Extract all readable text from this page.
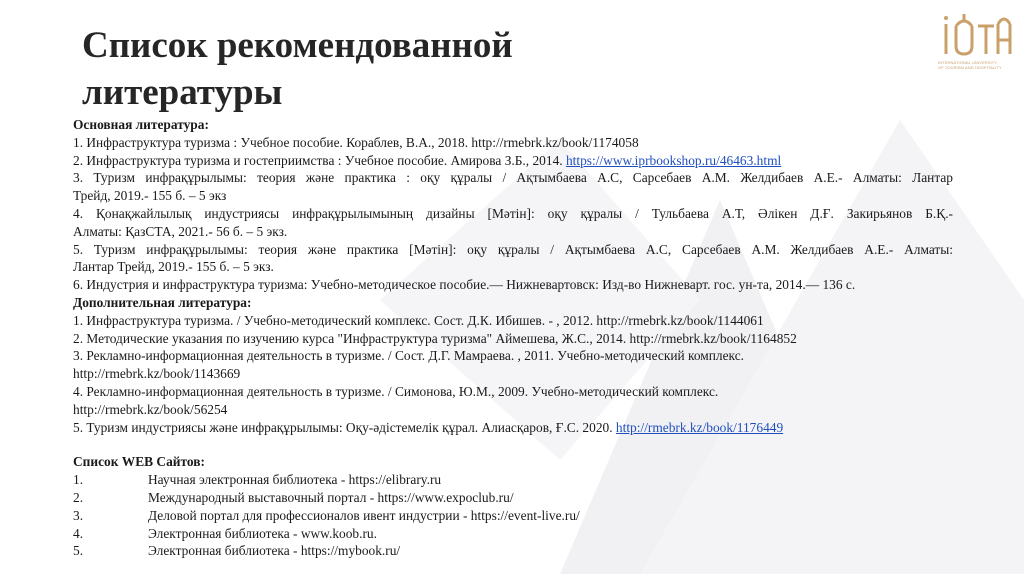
Список рекомендованной литературы
INTERNATIONAL UNIVERSITY
OF TOURISM AND HOSPITALITY
Основная литература:
1. Инфраструктура туризма : Учебное пособие. Кораблев, В.А., 2018. http://rmebrk.kz/book/1174058
2. Инфраструктура туризма и гостеприимства : Учебное пособие. Амирова З.Б., 2014. https://www.iprbookshop.ru/46463.html
3. Туризм инфрақұрылымы: теория және практика : оқу құралы / Ақтымбаева А.С, Сарсебаев А.М. Желдибаев А.Е.- Алматы: Лантар
Трейд, 2019.- 155 б. – 5 экз
4. Қонақжайлылық индустриясы инфрақұрылымының дизайны [Мәтін]: оқу құралы / Тульбаева А.Т, Әлікен Д.Ғ. Закирьянов Б.Қ.-
Алматы: ҚазСТА, 2021.- 56 б. – 5 экз.
5. Туризм инфрақұрылымы: теория және практика [Мәтін]: оқу құралы / Ақтымбаева А.С, Сарсебаев А.М. Желдибаев А.Е.- Алматы:
Лантар Трейд, 2019.- 155 б. – 5 экз.
6. Индустрия и инфраструктура туризма: Учебно-методическое пособие.— Нижневартовск: Изд-во Нижневарт. гос. ун-та, 2014.— 136 с.
Дополнительная литература:
1. Инфраструктура туризма. / Учебно-методический комплекс. Сост. Д.К. Ибишев. - , 2012. http://rmebrk.kz/book/1144061
2. Методические указания по изучению курса "Инфраструктура туризма" Аймешева, Ж.С., 2014. http://rmebrk.kz/book/1164852
3. Рекламно-информационная деятельность в туризме. / Сост. Д.Г. Мамраева. , 2011. Учебно-методический комплекс.
http://rmebrk.kz/book/1143669
4. Рекламно-информационная деятельность в туризме. / Симонова, Ю.М., 2009. Учебно-методический комплекс.
http://rmebrk.kz/book/56254
5. Туризм индустриясы және инфрақұрылымы: Оқу-әдістемелік құрал. Алиасқаров, Ғ.С. 2020. http://rmebrk.kz/book/1176449
Список WEB Сайтов:
1.	Научная электронная библиотека - https://elibrary.ru
2.	Международный выставочный портал - https://www.expoclub.ru/
3.	Деловой портал для профессионалов ивент индустрии - https://event-live.ru/
4.	Электронная библиотека - www.koob.ru.
5.	Электронная библиотека - https://mybook.ru/
